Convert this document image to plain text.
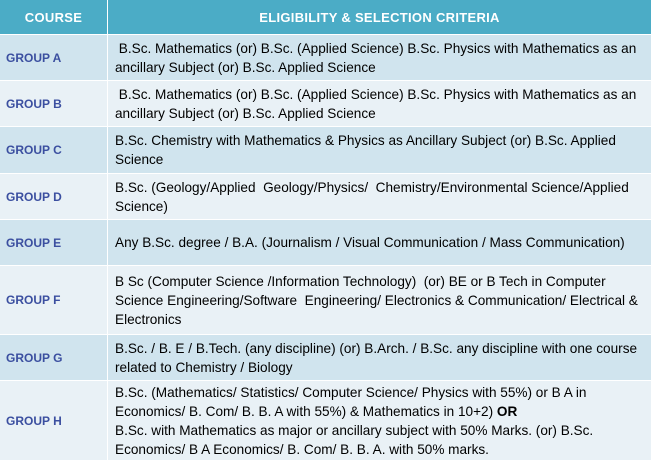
COURSE	ELIGIBILITY & SELECTION CRITERIA
GROUP A
B.Sc. Mathematics (or) B.Sc. (Applied Science) B.Sc. Physics with Mathematics as an ancillary Subject (or) B.Sc. Applied Science
GROUP B
B.Sc. Mathematics (or) B.Sc. (Applied Science) B.Sc. Physics with Mathematics as an ancillary Subject (or) B.Sc. Applied Science
GROUP C
B.Sc. Chemistry with Mathematics & Physics as Ancillary Subject (or) B.Sc. Applied Science
GROUP D
B.Sc. (Geology/Applied  Geology/Physics/  Chemistry/Environmental Science/Applied Science)
GROUP E	Any B.Sc. degree / B.A. (Journalism / Visual Communication / Mass Communication)
GROUP F
B Sc (Computer Science /Information Technology)  (or) BE or B Tech in Computer Science Engineering/Software  Engineering/ Electronics & Communication/ Electrical & Electronics
GROUP G
B.Sc. / B. E / B.Tech. (any discipline) (or) B.Arch. / B.Sc. any discipline with one course related to Chemistry / Biology
GROUP H
B.Sc. (Mathematics/ Statistics/ Computer Science/ Physics with 55%) or B A in Economics/ B. Com/ B. B. A with 55%) & Mathematics in 10+2) OR
B.Sc. with Mathematics as major or ancillary subject with 50% Marks. (or) B.Sc. Economics/ B A Economics/ B. Com/ B. B. A. with 50% marks.
